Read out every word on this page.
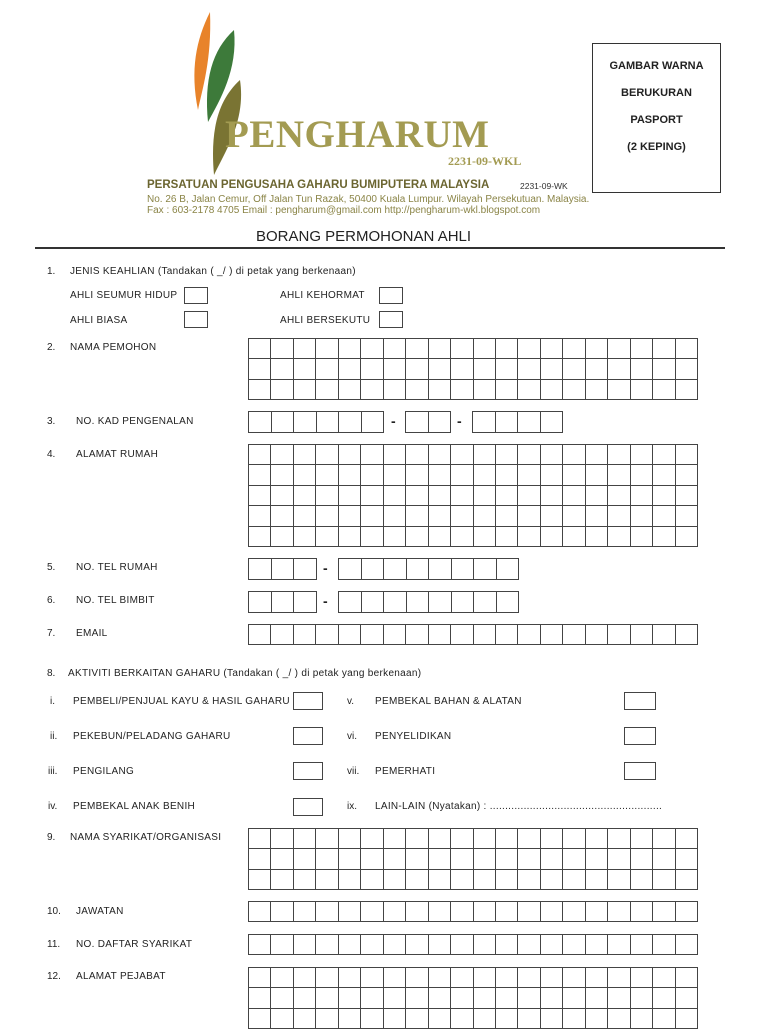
PENGHARUM
2231-09-WKL
PERSATUAN PENGUSAHA GAHARU BUMIPUTERA MALAYSIA	2231-09-WK
No. 26 B, Jalan Cemur, Off Jalan Tun Razak, 50400 Kuala Lumpur. Wilayah Persekutuan. Malaysia.
Fax : 603-2178 4705 Email : pengharum@gmail.com http://pengharum-wkl.blogspot.com
GAMBAR WARNA
BERUKURAN
PASPORT
(2 KEPING)
BORANG PERMOHONAN AHLI
1. JENIS KEAHLIAN (Tandakan ( _/ ) di petak yang berkenaan)
AHLI SEUMUR HIDUP	AHLI KEHORMAT
AHLI BIASA	AHLI BERSEKUTU
2. NAMA PEMOHON
3. NO. KAD PENGENALAN	-	-
4. ALAMAT RUMAH
5. NO. TEL RUMAH	-
6. NO. TEL BIMBIT	-
7. EMAIL
8. AKTIVITI BERKAITAN GAHARU (Tandakan ( _/ ) di petak yang berkenaan)
i. PEMBELI/PENJUAL KAYU & HASIL GAHARU	v. PEMBEKAL BAHAN & ALATAN
ii. PEKEBUN/PELADANG GAHARU	vi. PENYELIDIKAN
iii. PENGILANG	vii. PEMERHATI
iv. PEMBEKAL ANAK BENIH	ix. LAIN-LAIN (Nyatakan) : ........................................................
9. NAMA SYARIKAT/ORGANISASI
10. JAWATAN
11. NO. DAFTAR SYARIKAT
12. ALAMAT PEJABAT
